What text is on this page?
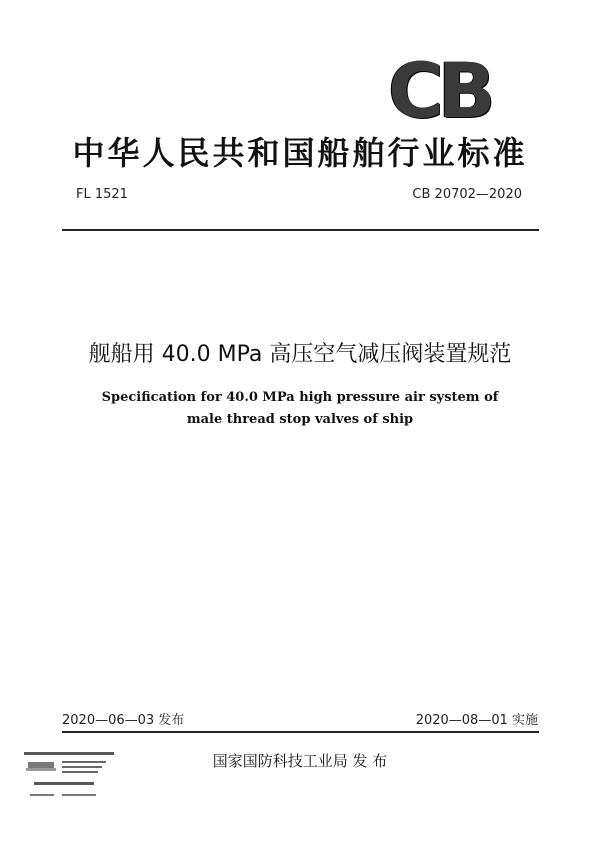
CB
中华人民共和国船舶行业标准
FL 1521	CB 20702—2020
舰船用 40.0 MPa 高压空气减压阀装置规范
Specification for 40.0 MPa high pressure air system of
male thread stop valves of ship
2020—06—03 发布	2020—08—01 实施
国家国防科技工业局 发 布
